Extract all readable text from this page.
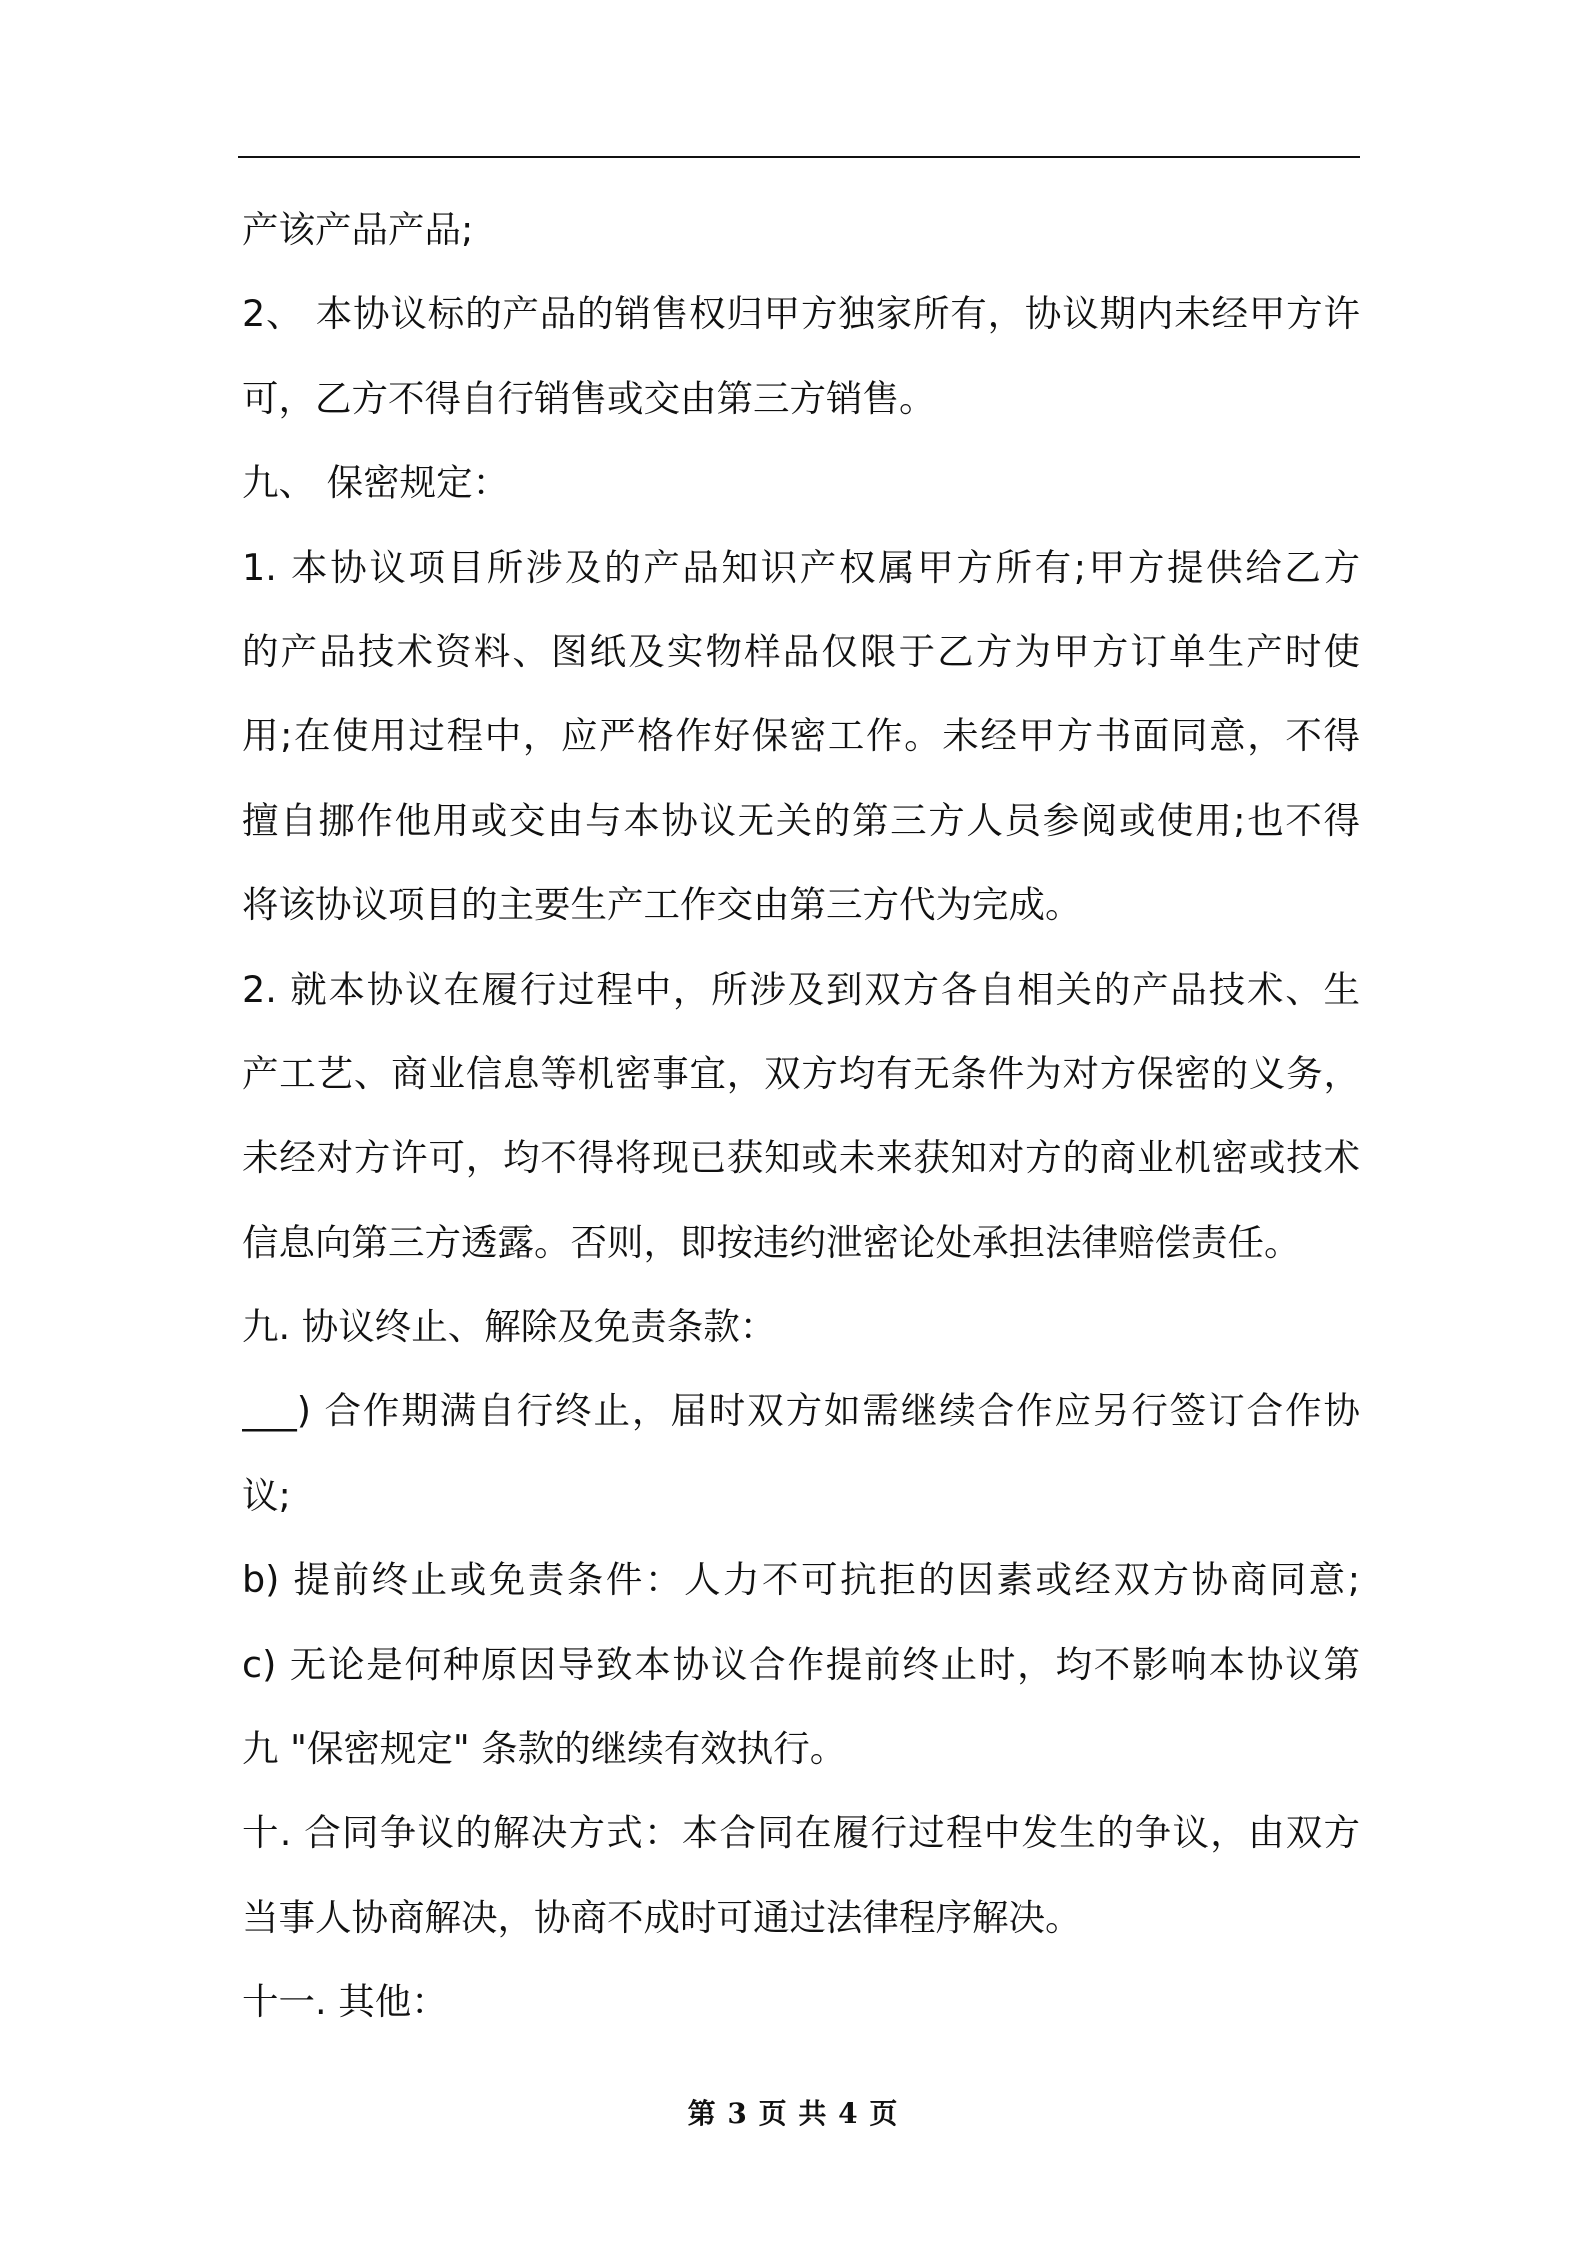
产该产品产品;
2、 本协议标的产品的销售权归甲方独家所有，协议期内未经甲方许
可，乙方不得自行销售或交由第三方销售。
九、 保密规定：
1. 本协议项目所涉及的产品知识产权属甲方所有;甲方提供给乙方
的产品技术资料、图纸及实物样品仅限于乙方为甲方订单生产时使
用;在使用过程中，应严格作好保密工作。未经甲方书面同意，不得
擅自挪作他用或交由与本协议无关的第三方人员参阅或使用;也不得
将该协议项目的主要生产工作交由第三方代为完成。
2. 就本协议在履行过程中，所涉及到双方各自相关的产品技术、生
产工艺、商业信息等机密事宜，双方均有无条件为对方保密的义务，
未经对方许可，均不得将现已获知或未来获知对方的商业机密或技术
信息向第三方透露。否则，即按违约泄密论处承担法律赔偿责任。
九. 协议终止、解除及免责条款：
___) 合作期满自行终止，届时双方如需继续合作应另行签订合作协
议;
b) 提前终止或免责条件：人力不可抗拒的因素或经双方协商同意;
c) 无论是何种原因导致本协议合作提前终止时，均不影响本协议第
九 "保密规定" 条款的继续有效执行。
十. 合同争议的解决方式：本合同在履行过程中发生的争议，由双方
当事人协商解决，协商不成时可通过法律程序解决。
十一. 其他：
第 3 页 共 4 页
